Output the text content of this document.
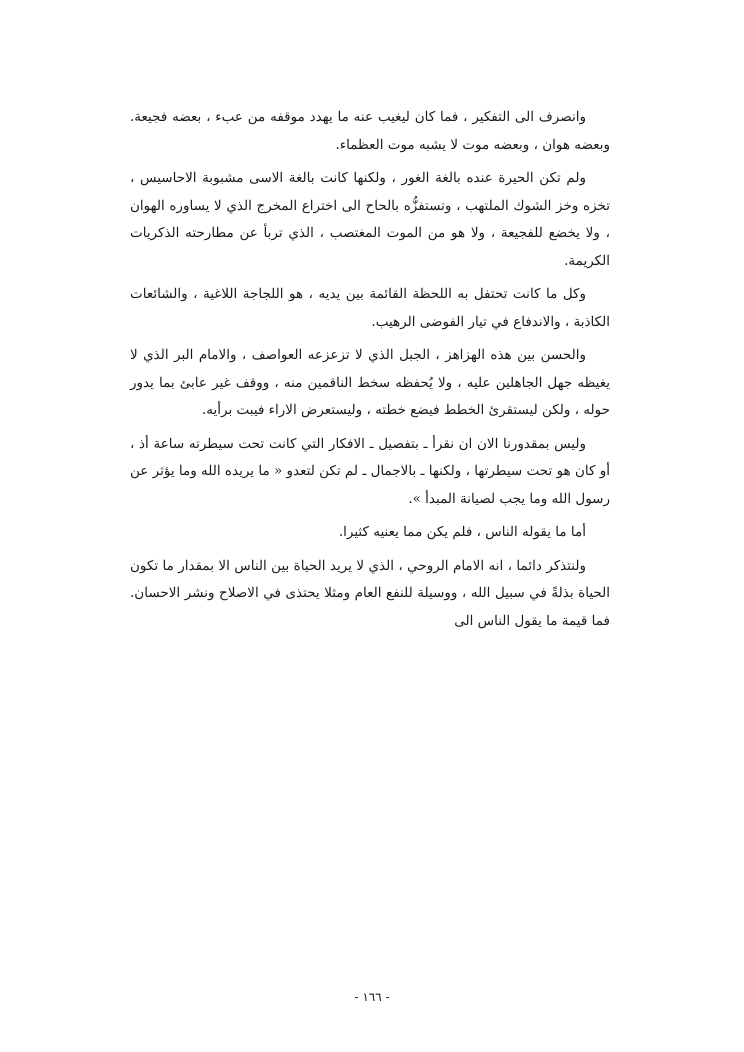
وانصرف الى التفكير ، فما كان ليغيب عنه ما يهدد موقفه من عبء ، بعضه فجيعة. وبعضه هوان ، وبعضه موت لا يشبه موت العظماء.

ولم تكن الحيرة عنده بالغة الغور ، ولكنها كانت بالغة الاسى مشبوبة الاحاسيس ، تخزه وخز الشوك الملتهب ، وتستفزُّه بالحاح الى اختراع المخرج الذي لا يساوره الهوان ، ولا يخضع للفجيعة ، ولا هو من الموت المغتصب ، الذي تربأ عن مطارحته الذكريات الكريمة.

وكل ما كانت تحتفل به اللحظة القائمة بين يديه ، هو اللجاجة اللاغية ، والشائعات الكاذبة ، والاندفاع في تيار الفوضى الرهيب.

والحسن بين هذه الهزاهز ، الجبل الذي لا تزعزعه العواصف ، والامام البر الذي لا يغيظه جهل الجاهلين عليه ، ولا يُحفظه سخط الناقمين منه ، ووقف غير عابئ بما يدور حوله ، ولكن ليستقرئ الخطط فيضع خطته ، وليستعرض الاراء فيبت برأيه.

وليس بمقدورنا الان ان نقرأ ـ بتفصيل ـ الافكار التي كانت تحت سيطرته ساعة أذ ، أو كان هو تحت سيطرتها ، ولكنها ـ بالاجمال ـ لم تكن لتعدو « ما يريده الله وما يؤثر عن رسول الله وما يجب لصيانة المبدأ ».

أما ما يقوله الناس ، فلم يكن مما يعنيه كثيرا.

ولنتذكر دائما ، انه الامام الروحي ، الذي لا يريد الحياة بين الناس الا بمقدار ما تكون الحياة بذلةً في سبيل الله ، ووسيلة للنفع العام ومثلا يحتذى في الاصلاح ونشر الاحسان. فما قيمة ما يقول الناس الى

- ١٦٦ -
